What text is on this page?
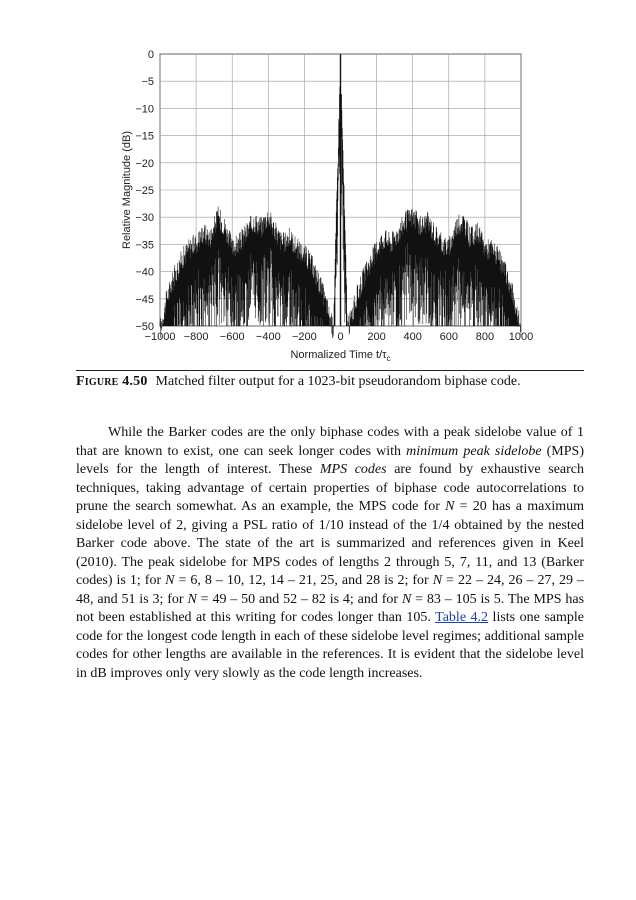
−1000 −800 −600 −400 −200 0 200 400 600 800 1000
0
−5
−10
−15
−20
−25
−30
−35
−40
−45
−50
Normalized Time $t/\tau_c$
Relative Magnitude (dB)
Figure 4.50 Matched filter output for a 1023-bit pseudorandom biphase code.

While the Barker codes are the only biphase codes with a peak sidelobe value of 1 that are known to exist, one can seek longer codes with minimum peak sidelobe (MPS) levels for the length of interest. These MPS codes are found by exhaustive search techniques, taking advantage of certain properties of biphase code autocorrelations to prune the search somewhat. As an example, the MPS code for N = 20 has a maximum sidelobe level of 2, giving a PSL ratio of 1/10 instead of the 1/4 obtained by the nested Barker code above. The state of the art is summarized and references given in Keel (2010). The peak sidelobe for MPS codes of lengths 2 through 5, 7, 11, and 13 (Barker codes) is 1; for N = 6, 8 – 10, 12, 14 – 21, 25, and 28 is 2; for N = 22 – 24, 26 – 27, 29 – 48, and 51 is 3; for N = 49 – 50 and 52 – 82 is 4; and for N = 83 – 105 is 5. The MPS has not been established at this writing for codes longer than 105. Table 4.2 lists one sample code for the longest code length in each of these sidelobe level regimes; additional sample codes for other lengths are available in the references. It is evident that the sidelobe level in dB improves only very slowly as the code length increases.
